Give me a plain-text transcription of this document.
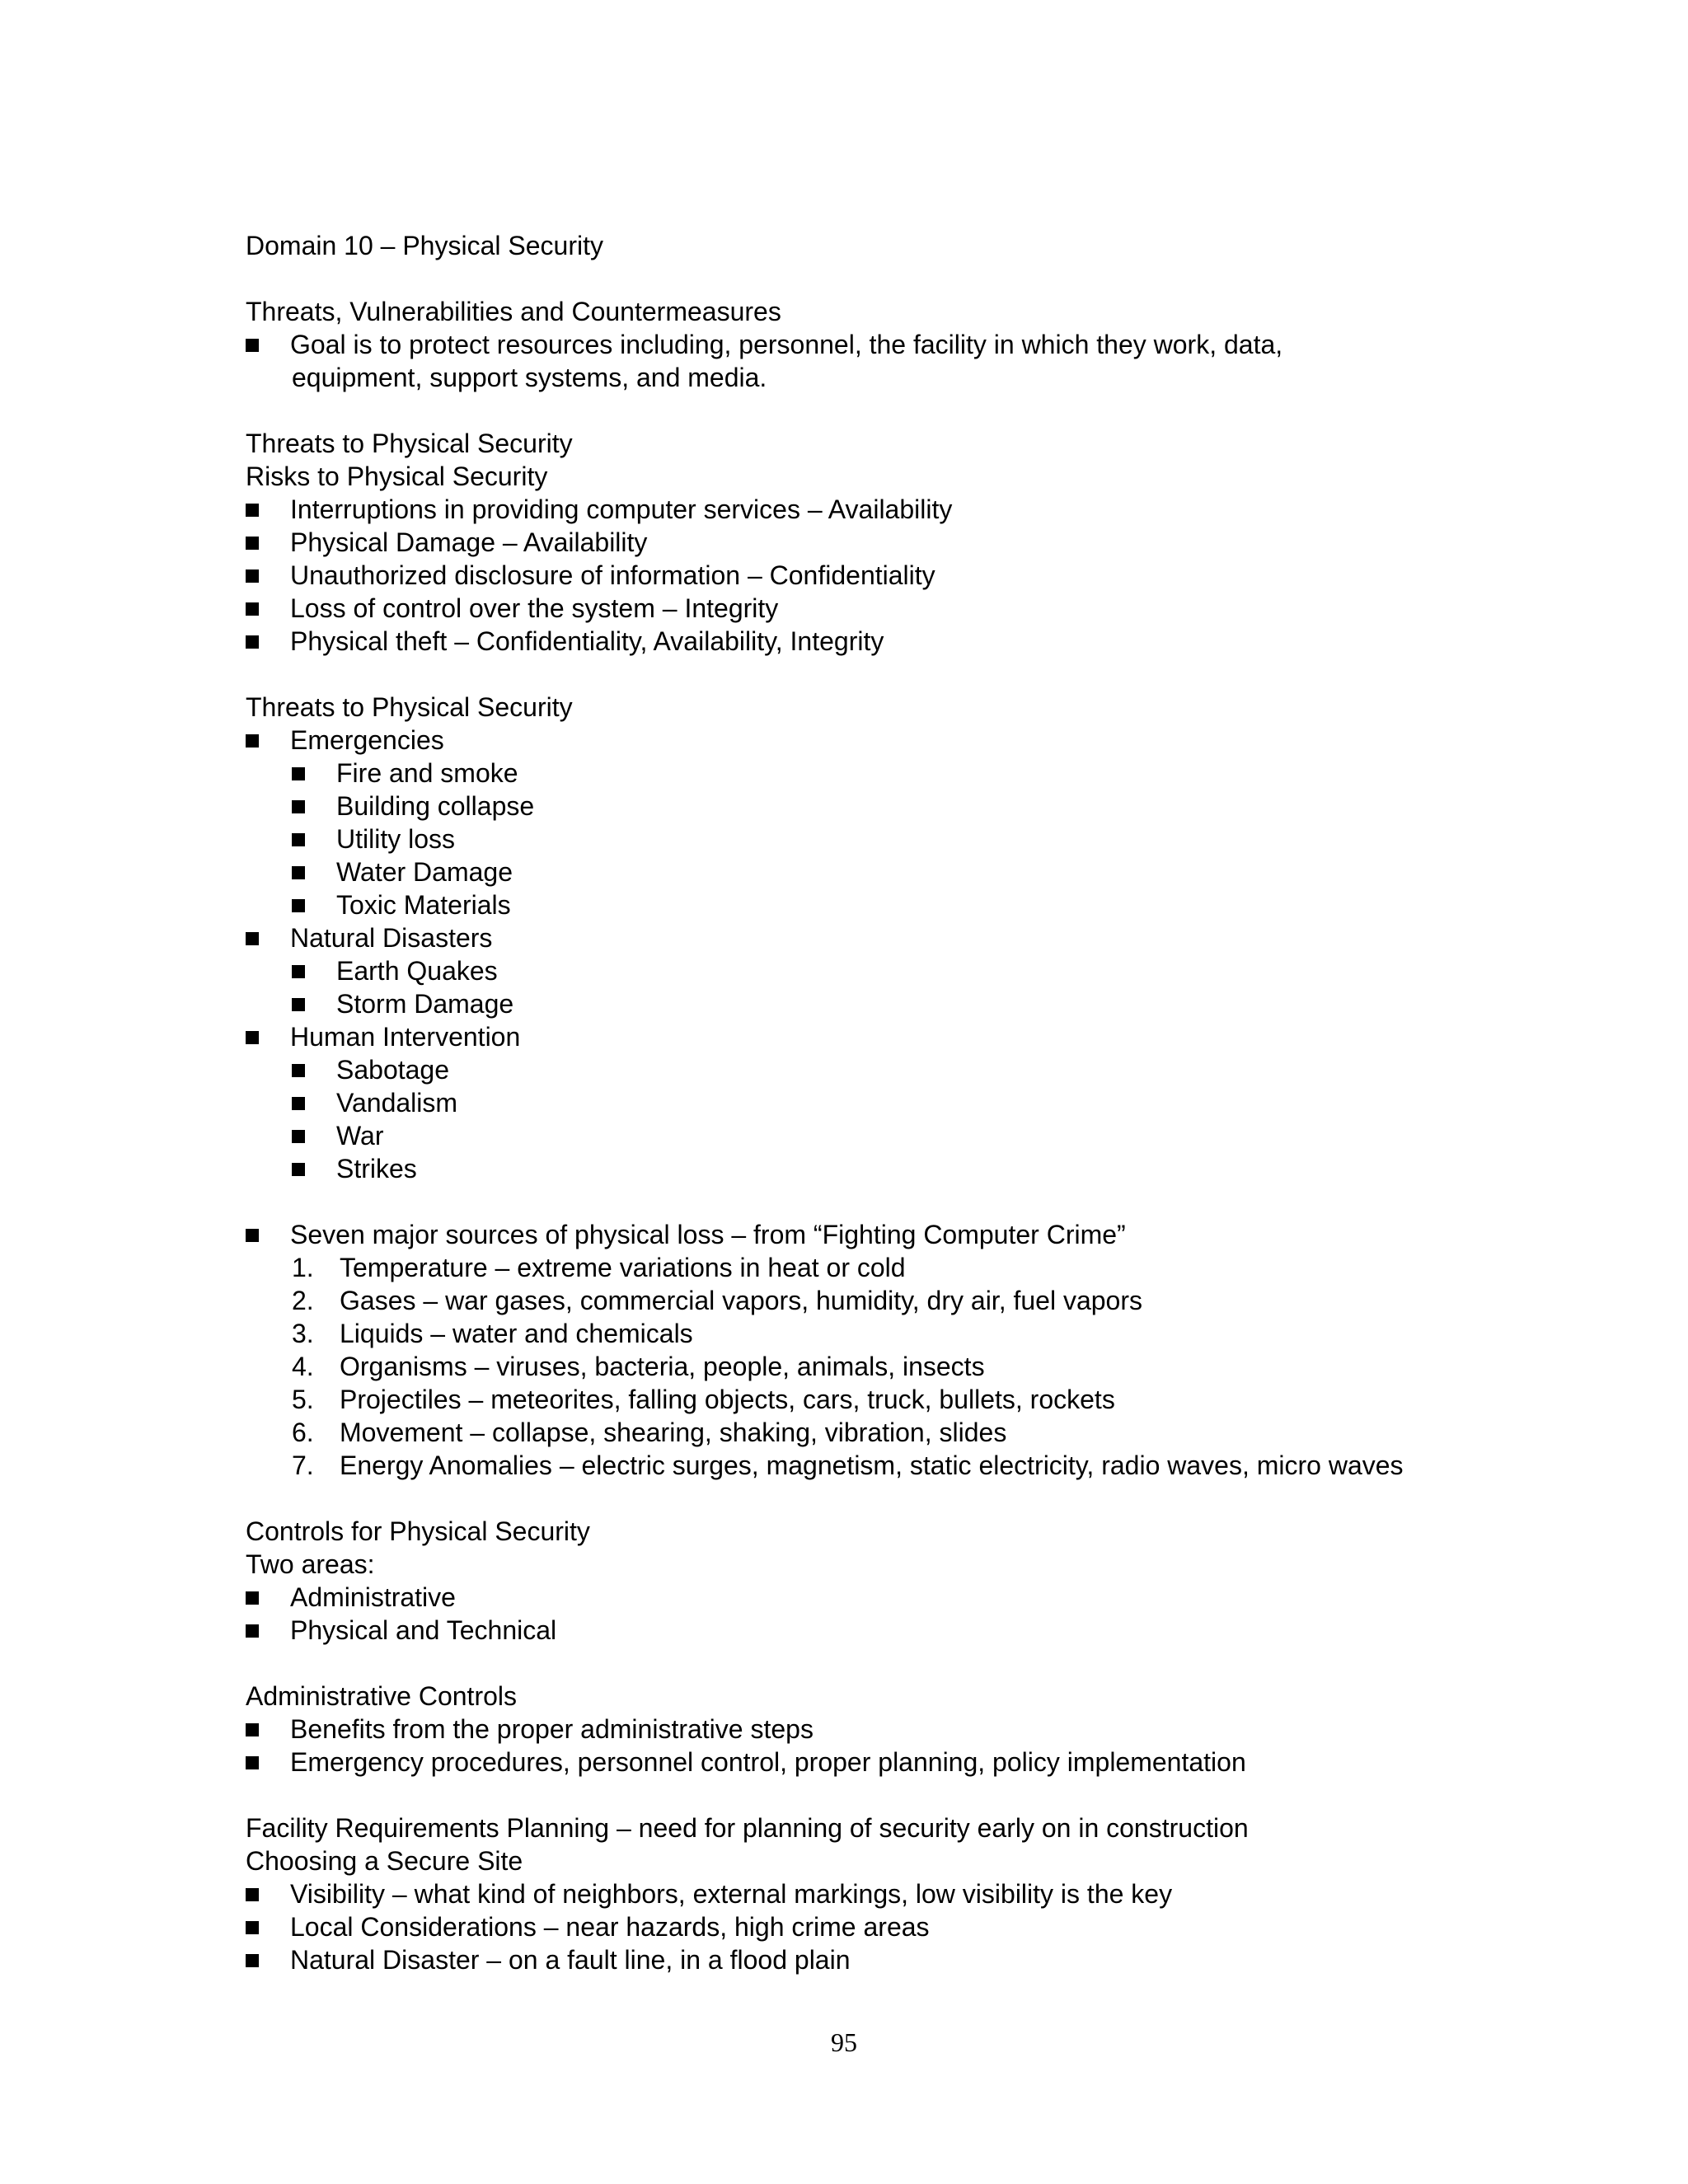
Domain 10 – Physical Security
Threats, Vulnerabilities and Countermeasures
Goal is to protect resources including, personnel, the facility in which they work, data,
equipment, support systems, and media.
Threats to Physical Security
Risks to Physical Security
Interruptions in providing computer services – Availability
Physical Damage – Availability
Unauthorized disclosure of information – Confidentiality
Loss of control over the system – Integrity
Physical theft – Confidentiality, Availability, Integrity
Threats to Physical Security
Emergencies
Fire and smoke
Building collapse
Utility loss
Water Damage
Toxic Materials
Natural Disasters
Earth Quakes
Storm Damage
Human Intervention
Sabotage
Vandalism
War
Strikes
Seven major sources of physical loss – from “Fighting Computer Crime”
1. Temperature – extreme variations in heat or cold
2. Gases – war gases, commercial vapors, humidity, dry air, fuel vapors
3. Liquids – water and chemicals
4. Organisms – viruses, bacteria, people, animals, insects
5. Projectiles – meteorites, falling objects, cars, truck, bullets, rockets
6. Movement – collapse, shearing, shaking, vibration, slides
7. Energy Anomalies – electric surges, magnetism, static electricity, radio waves, micro waves
Controls for Physical Security
Two areas:
Administrative
Physical and Technical
Administrative Controls
Benefits from the proper administrative steps
Emergency procedures, personnel control, proper planning, policy implementation
Facility Requirements Planning – need for planning of security early on in construction
Choosing a Secure Site
Visibility – what kind of neighbors, external markings, low visibility is the key
Local Considerations – near hazards, high crime areas
Natural Disaster – on a fault line, in a flood plain
95
